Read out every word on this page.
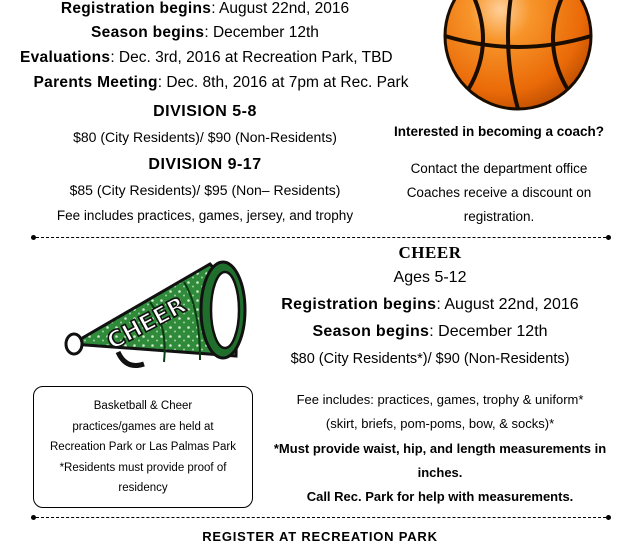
Registration begins: August 22nd, 2016
Season begins: December 12th
Evaluations: Dec. 3rd, 2016 at Recreation Park, TBD
Parents Meeting: Dec. 8th, 2016 at 7pm at Rec. Park
DIVISION 5-8
$80 (City Residents)/ $90 (Non-Residents)
DIVISION 9-17
$85 (City Residents)/ $95 (Non– Residents)
Fee includes practices, games, jersey, and trophy
Interested in becoming a coach?
Contact the department office
Coaches receive a discount on
registration.
CHEER
CHEER
Ages 5-12
Registration begins: August 22nd, 2016
Season begins: December 12th
$80 (City Residents*)/ $90 (Non-Residents)
Fee includes: practices, games, trophy & uniform*
(skirt, briefs, pom-poms, bow, & socks)*
*Must provide waist, hip, and length measurements in
inches.
Call Rec. Park for help with measurements.
Basketball & Cheer
practices/games are held at
Recreation Park or Las Palmas Park
*Residents must provide proof of
residency
REGISTER AT RECREATION PARK
